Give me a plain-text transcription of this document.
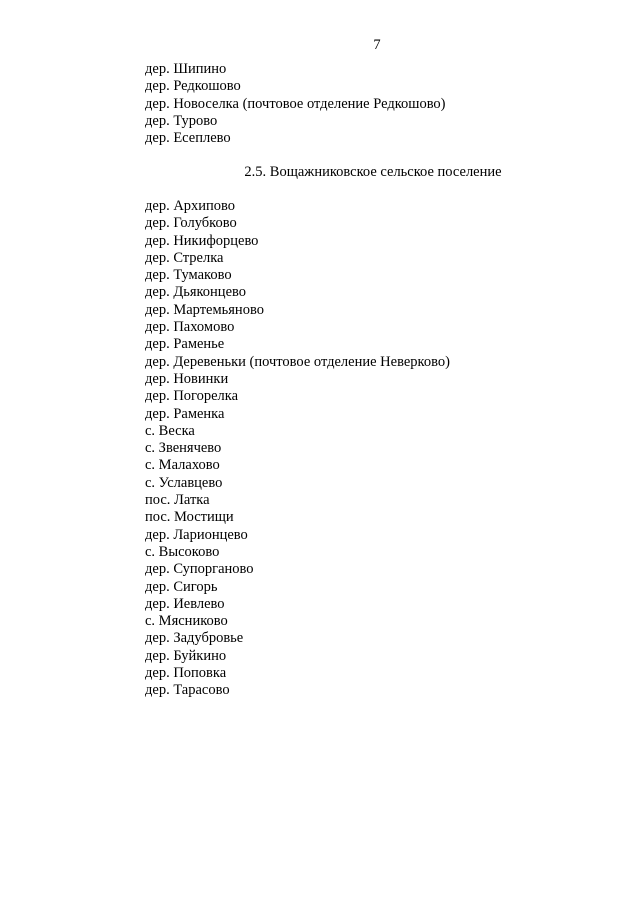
7
дер. Шипино
дер. Редкошово
дер. Новоселка (почтовое отделение Редкошово)
дер. Турово
дер. Есеплево
2.5. Вощажниковское сельское поселение
дер. Архипово
дер. Голубково
дер. Никифорцево
дер. Стрелка
дер. Тумаково
дер. Дьяконцево
дер. Мартемьяново
дер. Пахомово
дер. Раменье
дер. Деревеньки (почтовое отделение Неверково)
дер. Новинки
дер. Погорелка
дер. Раменка
с. Веска
с. Звенячево
с. Малахово
с. Уславцево
пос. Латка
пос. Мостищи
дер. Ларионцево
с. Высоково
дер. Супорганово
дер. Сигорь
дер. Иевлево
с. Мясниково
дер. Задубровье
дер. Буйкино
дер. Поповка
дер. Тарасово
